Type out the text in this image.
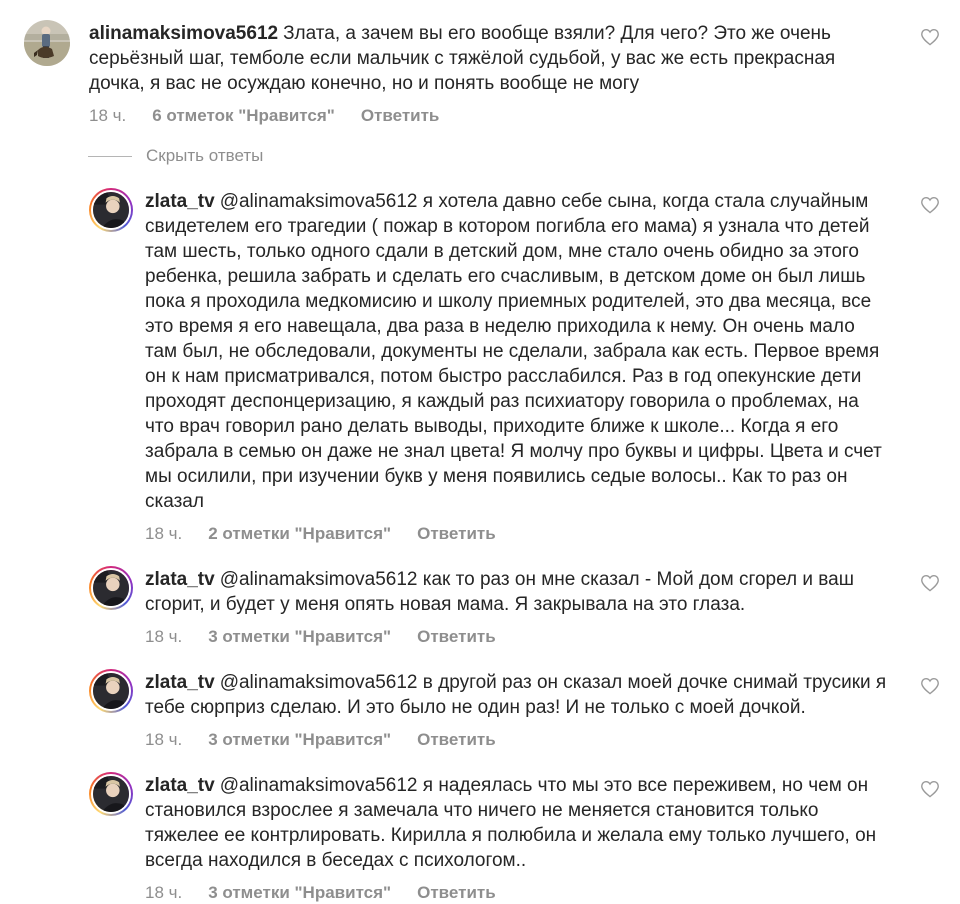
alinamaksimova5612 Злата, а зачем вы его вообще взяли? Для чего? Это же очень серьёзный шаг, темболе если мальчик с тяжёлой судьбой, у вас же есть прекрасная дочка, я вас не осуждаю конечно, но и понять вообще не могу
18 ч. 6 отметок "Нравится" Ответить
Скрыть ответы
zlata_tv @alinamaksimova5612 я хотела давно себе сына, когда стала случайным свидетелем его трагедии ( пожар в котором погибла его мама) я узнала что детей там шесть, только одного сдали в детский дом, мне стало очень обидно за этого ребенка, решила забрать и сделать его счасливым, в детском доме он был лишь пока я проходила медкомисию и школу приемных родителей, это два месяца, все это время я его навещала, два раза в неделю приходила к нему. Он очень мало там был, не обследовали, документы не сделали, забрала как есть. Первое время он к нам присматривался, потом быстро расслабился. Раз в год опекунские дети проходят деспонцеризацию, я каждый раз психиатору говорила о проблемах, на что врач говорил рано делать выводы, приходите ближе к школе... Когда я его забрала в семью он даже не знал цвета! Я молчу про буквы и цифры. Цвета и счет мы осилили, при изучении букв у меня появились седые волосы.. Как то раз он сказал
18 ч. 2 отметки "Нравится" Ответить
zlata_tv @alinamaksimova5612 как то раз он мне сказал - Мой дом сгорел и ваш сгорит, и будет у меня опять новая мама. Я закрывала на это глаза.
18 ч. 3 отметки "Нравится" Ответить
zlata_tv @alinamaksimova5612 в другой раз он сказал моей дочке снимай трусики я тебе сюрприз сделаю. И это было не один раз! И не только с моей дочкой.
18 ч. 3 отметки "Нравится" Ответить
zlata_tv @alinamaksimova5612 я надеялась что мы это все переживем, но чем он становился взрослее я замечала что ничего не меняется становится только тяжелее ее контрлировать. Кирилла я полюбила и желала ему только лучшего, он всегда находился в беседах с психологом..
18 ч. 3 отметки "Нравится" Ответить
